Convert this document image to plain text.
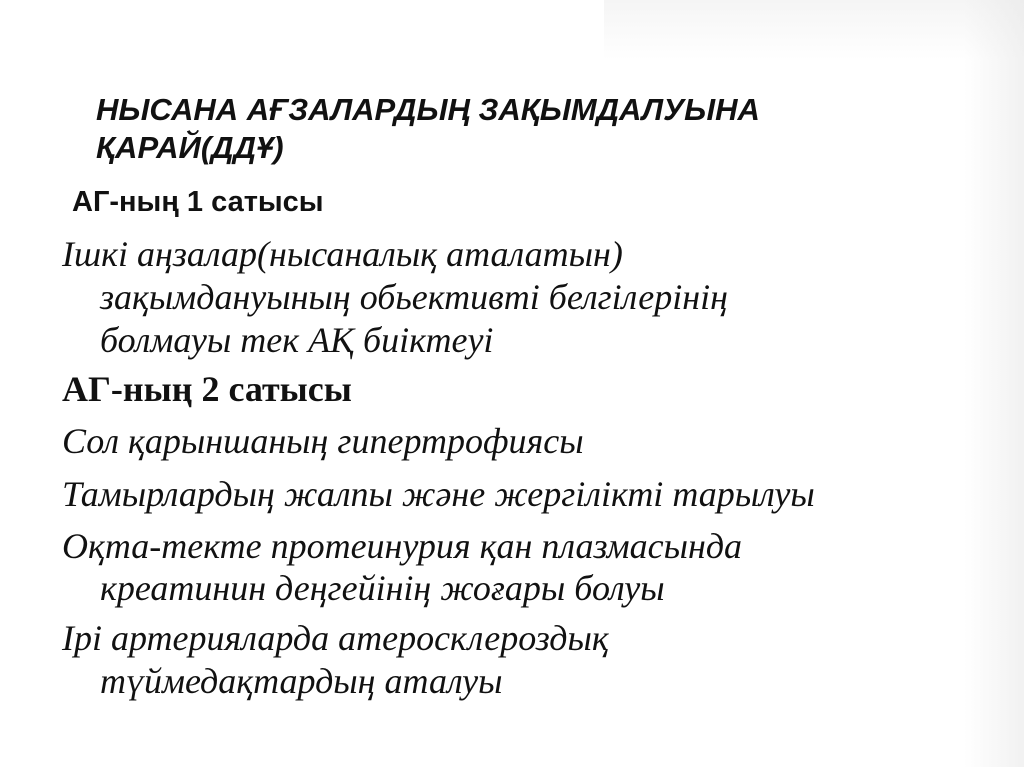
НЫСАНА АҒЗАЛАРДЫҢ ЗАҚЫМДАЛУЫНА
ҚАРАЙ(ДДҰ)
АГ-ның 1 сатысы
Ішкі аңзалар(нысаналық аталатын)
зақымдануының обьективті белгілерінің
болмауы тек АҚ биіктеуі
АГ-ның 2 сатысы
Сол қарыншаның гипертрофиясы
Тамырлардың жалпы және жергілікті тарылуы
Оқта-текте протеинурия қан плазмасында
креатинин деңгейінің жоғары болуы
Ірі артерияларда атеросклероздық
түймедақтардың аталуы
